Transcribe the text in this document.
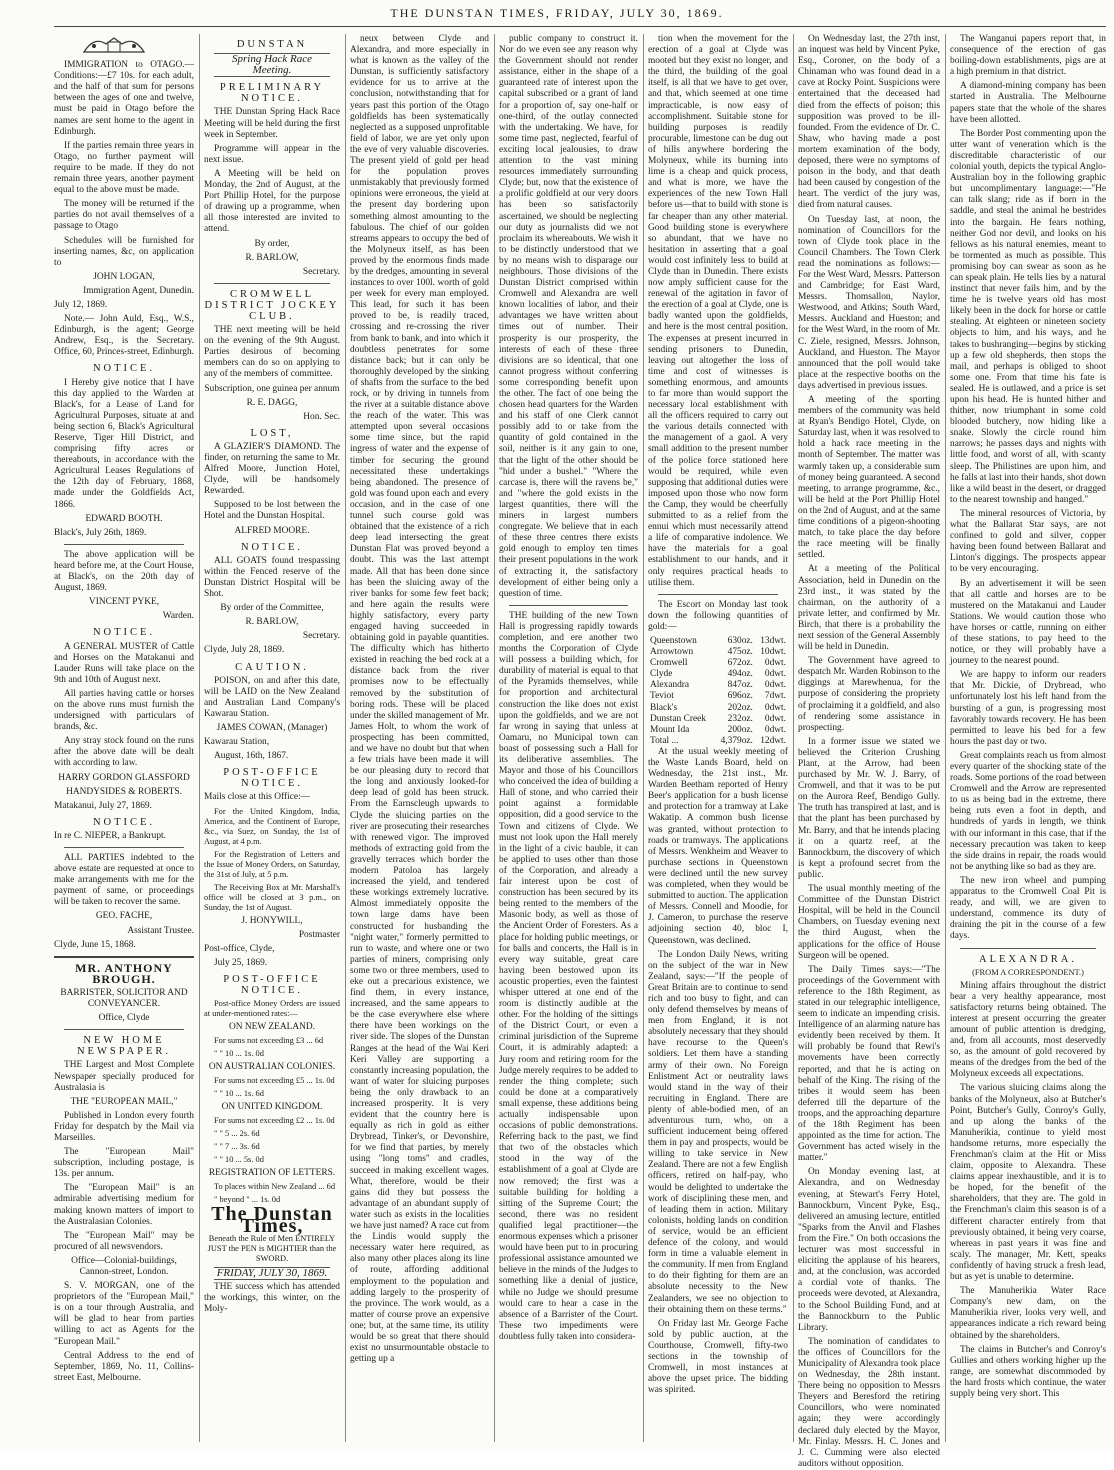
THE DUNSTAN TIMES, FRIDAY, JULY 30, 1869.

IMMIGRATION to OTAGO.—Conditions:—£7 10s. for each adult, and the half of that sum for persons between the ages of one and twelve, must be paid in Otago before the names are sent home to the agent in Edinburgh.

If the parties remain three years in Otago, no further payment will require to be made. If they do not remain three years, another payment equal to the above must be made.

The money will be returned if the parties do not avail themselves of a passage to Otago

Schedules will be furnished for inserting names, &c, on application to

JOHN LOGAN,

Immigration Agent, Dunedin.

July 12, 1869.

Note.— John Auld, Esq., W.S., Edinburgh, is the agent; George Andrew, Esq., is the Secretary. Office, 60, Princes-street, Edinburgh.

NOTICE.

I Hereby give notice that I have this day applied to the Warden at Black's, for a Lease of Land for Agricultural Purposes, situate at and being section 6, Black's Agricultural Reserve, Tiger Hill District, and comprising fifty acres or thereabouts, in accordance with the Agricultural Leases Regulations of the 12th day of February, 1868, made under the Goldfields Act, 1866.

EDWARD BOOTH.

Black's, July 26th, 1869.

The above application will be heard before me, at the Court House, at Black's, on the 20th day of August, 1869.

VINCENT PYKE,

Warden.

NOTICE.

A GENERAL MUSTER of Cattle and Horses on the Matakanui and Lauder Runs will take place on the 9th and 10th of August next.

All parties having cattle or horses on the above runs must furnish the undersigned with particulars of brands, &c.

Any stray stock found on the runs after the above date will be dealt with according to law.

HARRY GORDON GLASSFORD

HANDYSIDES & ROBERTS.

Matakanui, July 27, 1869.

NOTICE.

In re C. NIEPER, a Bankrupt.

ALL PARTIES indebted to the above estate are requested at once to make arrangements with me for the payment of same, or proceedings will be taken to recover the same.

GEO. FACHE,

Assistant Trustee.

Clyde, June 15, 1868.

MR. ANTHONY BROUGH.

BARRISTER, SOLICITOR AND CONVEYANCER.

Office, Clyde

NEW HOME NEWSPAPER.

THE Largest and Most Complete Newspaper specially produced for Australasia is

THE "EUROPEAN MAIL,"

Published in London every fourth Friday for despatch by the Mail via Marseilles.

The "European Mail" subscription, including postage, is 13s. per annum.

The "European Mail" is an admirable advertising medium for making known matters of import to the Australasian Colonies.

The "European Mail" may be procured of all newsvendors.

Office—Colonial-buildings, Cannon-street, London.

S. V. MORGAN, one of the proprietors of the "European Mail," is on a tour through Australia, and will be glad to hear from parties willing to act as Agents for the "European Mail."

Central Address to the end of September, 1869, No. 11, Collins-street East, Melbourne.

DUNSTAN
Spring Hack Race Meeting.
PRELIMINARY NOTICE.

THE Dunstan Spring Hack Race Meeting will be held during the first week in September.

Programme will appear in the next issue.

A Meeting will be held on Monday, the 2nd of August, at the Port Phillip Hotel, for the purpose of drawing up a programme, when all those interested are invited to attend.

By order,

R. BARLOW,

Secretary.

CROMWELL DISTRICT JOCKEY CLUB.

THE next meeting will be held on the evening of the 9th August. Parties desirous of becoming members can do so on applying to any of the members of committee.

Subscription, one guinea per annum

R. E. DAGG,

Hon. Sec.

LOST,

A GLAZIER'S DIAMOND. The finder, on returning the same to Mr. Alfred Moore, Junction Hotel, Clyde, will be handsomely Rewarded.

Supposed to be lost between the Hotel and the Dunstan Hospital.

ALFRED MOORE.

NOTICE.

ALL GOATS found trespassing within the Fenced reserve of the Dunstan District Hospital will be Shot.

By order of the Committee,

R. BARLOW,

Secretary.

Clyde, July 28, 1869.

CAUTION.

POISON, on and after this date, will be LAID on the New Zealand and Australian Land Company's Kawarau Station.

JAMES COWAN, (Manager)

Kawarau Station,

August, 16th, 1867.

POST-OFFICE NOTICE.

Mails close at this Office:—

For the United Kingdom, India, America, and the Continent of Europe, &c., via Suez, on Sunday, the 1st of August, at 4 p.m.

For the Registration of Letters and the Issue of Money Orders, on Saturday, the 31st of July, at 5 p.m.

The Receiving Box at Mr. Marshall's office will be closed at 3 p.m., on Sunday, the 1st of August.

J. HONYWILL,

Postmaster

Post-office, Clyde,

July 25, 1869.

POST-OFFICE NOTICE.

Post-office Money Orders are issued at under-mentioned rates:—

ON NEW ZEALAND.

For sums not exceeding £3 ... 6d

" " 10 ... 1s. 0d

ON AUSTRALIAN COLONIES.

For sums not exceeding £5 ... 1s. 0d

" " 10 ... 1s. 6d

ON UNITED KINGDOM.

For sums not exceeding £2 ... 1s. 0d

" " 5 ... 2s. 6d

" " 7 ... 3s. 6d

" " 10 ... 5s. 0d

REGISTRATION OF LETTERS.

To places within New Zealand ... 6d

" beyond " ... 1s. 0d

The Dunstan Times,

Beneath the Rule of Men ENTIRELY JUST the PEN is MIGHTIER than the SWORD.

FRIDAY, JULY 30, 1869.

THE success which has attended the workings, this winter, on the Moly-

neux between Clyde and Alexandra, and more especially in what is known as the valley of the Dunstan, is sufficiently satisfactory evidence for us to arrive at the conclusion, notwithstanding that for years past this portion of the Otago goldfields has been systematically neglected as a supposed unprofitable field of labor, we are yet only upon the eve of very valuable discoveries. The present yield of gold per head for the population proves unmistakably that previously formed opinions were erroneous, the yield at the present day bordering upon something almost amounting to the fabulous. The chief of our golden streams appears to occupy the bed of the Molyneux itself, as has been proved by the enormous finds made by the dredges, amounting in several instances to over 100l. worth of gold per week for every man employed. This lead, for such it has been proved to be, is readily traced, crossing and re-crossing the river from bank to bank, and into which it doubtless penetrates for some distance back; but it can only be thoroughly developed by the sinking of shafts from the surface to the bed rock, or by driving in tunnels from the river at a suitable distance above the reach of the water. This was attempted upon several occasions some time since, but the rapid ingress of water and the expense of timber for securing the ground necessitated these undertakings being abandoned. The presence of gold was found upon each and every occasion, and in the case of one tunnel such course gold was obtained that the existence of a rich deep lead intersecting the great Dunstan Flat was proved beyond a doubt. This was the last attempt made. All that has been done since has been the sluicing away of the river banks for some few feet back; and here again the results were highly satisfactory, every party engaged having succeeded in obtaining gold in payable quantities. The difficulty which has hitherto existed in reaching the bed rock at a distance back from the river promises now to be effectually removed by the substitution of boring rods. These will be placed under the skilled management of Mr. James Holt, to whom the work of prospecting has been committed, and we have no doubt but that when a few trials have been made it will be our pleasing duty to record that the long and anxiously looked-for deep lead of gold has been struck. From the Earnscleugh upwards to Clyde the sluicing parties on the river are prosecuting their researches with renewed vigor. The improved methods of extracting gold from the gravelly terraces which border the modern Patoloa has largely increased the yield, and tendered these workings extremely lucrative. Almost immediately opposite the town large dams have been constructed for husbanding the "night water," formerly permitted to run to waste, and where one or two parties of miners, comprising only some two or three members, used to eke out a precarious existence, we find them, in every instance, increased, and the same appears to be the case everywhere else where there have been workings on the river side. The slopes of the Dunstan Ranges at the head of the Wai Keri Keri Valley are supporting a constantly increasing population, the want of water for sluicing purposes being the only drawback to an increased prosperity. It is very evident that the country here is equally as rich in gold as either Drybread, Tinker's, or Devonshire, for we find that parties, by merely using "long toms" and cradles, succeed in making excellent wages. What, therefore, would be their gains did they but possess the advantage of an abundant supply of water such as exists in the localities we have just named? A race cut from the Lindis would supply the necessary water here required, as also many other places along its line of route, affording additional employment to the population and adding largely to the prosperity of the province. The work would, as a matter of course prove an expensive one; but, at the same time, its utility would be so great that there should exist no unsurmountable obstacle to getting up a

public company to construct it. Nor do we even see any reason why the Government should not render assistance, either in the shape of a guaranteed rate of interest upon the capital subscribed or a grant of land for a proportion of, say one-half or one-third, of the outlay connected with the undertaking. We have, for some time past, neglected, fearful of exciting local jealousies, to draw attention to the vast mining resources immediately surrounding Clyde; but, now that the existence of a prolific goldfield at our very doors has been so satisfactorily ascertained, we should be neglecting our duty as journalists did we not proclaim its whereabouts. We wish it to be distinctly understood that we by no means wish to disparage our neighbours. Those divisions of the Dunstan District comprised within Cromwell and Alexandra are well known localities of labor, and their advantages we have written about times out of number. Their prosperity is our prosperity, the interests of each of these three divisions are so identical, that one cannot progress without conferring some corresponding benefit upon the other. The fact of one being the chosen head quarters for the Warden and his staff of one Clerk cannot possibly add to or take from the quantity of gold contained in the soil, neither is it any gain to one, that the light of the other should be "hid under a bushel." "Where the carcase is, there will the ravens be," and "where the gold exists in the largest quantities, there will the miners in largest numbers congregate. We believe that in each of these three centres there exists gold enough to employ ten times their present populations in the work of extracting it, the satisfactory development of either being only a question of time.

THE building of the new Town Hall is progressing rapidly towards completion, and ere another two months the Corporation of Clyde will possess a building which, for durability of material is equal to that of the Pyramids themselves, while for proportion and architectural construction the like does not exist upon the goldfields, and we are not far wrong in saying that unless at Oamaru, no Municipal town can boast of possessing such a Hall for its deliberative assemblies. The Mayor and those of his Councillors who conceived the idea of building a Hall of stone, and who carried their point against a formidable opposition, did a good service to the Town and citizens of Clyde. We must not look upon the Hall merely in the light of a civic bauble, it can be applied to uses other than those of the Corporation, and already a fair interest upon be cost of construction has been secured by its being rented to the members of the Masonic body, as well as those of the Ancient Order of Foresters. As a place for holding public meetings, or for balls and concerts, the Hall is in every way suitable, great care having been bestowed upon its acoustic properties, even the faintest whisper uttered at one end of the room is distinctly audible at the other. For the holding of the sittings of the District Court, or even a criminal jurisdiction of the Supreme Court, it is admirably adapted: a Jury room and retiring room for the Judge merely requires to be added to render the thing complete; such could be done at a comparatively small expense, these additions being actually indispensable upon occasions of public demonstrations. Referring back to the past, we find that two of the obstacles which stood in the way of the establishment of a goal at Clyde are now removed; the first was a suitable building for holding a sitting of the Supreme Court; the second, there was no resident qualified legal practitioner—the enormous expenses which a prisoner would have been put to in procuring professional assistance amounted we believe in the minds of the Judges to something like a denial of justice, while no Judge we should presume would care to hear a case in the absence of a Barrister of the Court. These two impediments were doubtless fully taken into considera-

tion when the movement for the erection of a goal at Clyde was mooted but they exist no longer, and the third, the building of the goal itself, is all that we have to get over, and that, which seemed at one time impracticable, is now easy of accomplishment. Suitable stone for building purposes is readily procurable, limestone can be dug out of hills anywhere bordering the Molyneux, while its burning into lime is a cheap and quick process, and what is more, we have the experiences of the new Town Hall before us—that to build with stone is far cheaper than any other material. Good building stone is everywhere so abundant, that we have no hesitation in asserting that a goal would cost infinitely less to build at Clyde than in Dunedin. There exists now amply sufficient cause for the renewal of the agitation in favor of the erection of a goal at Clyde, one is badly wanted upon the goldfields, and here is the most central position. The expenses at present incurred in sending prisoners to Dunedin, leaving out altogether the loss of time and cost of witnesses is something enormous, and amounts to far more than would support the necessary local establishment with all the officers required to carry out the various details connected with the management of a gaol. A very small addition to the present number of the police force stationed here would be required, while even supposing that additional duties were imposed upon those who now form the Camp, they would be cheerfully submitted to as a relief from the ennui which must necessarily attend a life of comparative indolence. We have the materials for a goal establishment to our hands, and it only requires practical heads to utilise them.

The Escort on Monday last took down the following quantities of gold:—

Queenstown	630oz.	13dwt.
Arrowtown	475oz.	10dwt.
Cromwell	672oz.	0dwt.
Clyde	494oz.	0dwt.
Alexandra	847oz.	0dwt.
Teviot	696oz.	7dwt.
Black's	202oz.	0dwt.
Dunstan Creek	232oz.	0dwt.
Mount Ida	200oz.	0dwt.
Total ...	4,379oz.	12dwt.

At the usual weekly meeting of the Waste Lands Board, held on Wednesday, the 21st inst., Mr. Warden Beetham reported of Henry Beer's application for a bush license and protection for a tramway at Lake Wakatip. A common bush license was granted, without protection to roads or tramways. The applications of Messrs. Wenkheim and Weaver to purchase sections in Queenstown were declined until the new survey was completed, when they would be submitted to auction. The application of Messrs. Connell and Moodie, for J. Cameron, to purchase the reserve adjoining section 40, bloc I, Queenstown, was declined.

The London Daily News, writing on the subject of the war in New Zealand, says:—"If the people of Great Britain are to continue to send rich and too busy to fight, and can only defend themselves by means of men from England, it is not absolutely necessary that they should have recourse to the Queen's soldiers. Let them have a standing army of their own. No Foreign Enlistment Act or neutrality laws would stand in the way of their recruiting in England. There are plenty of able-bodied men, of an adventurous turn, who, on a sufficient inducement being offered them in pay and prospects, would be willing to take service in New Zealand. There are not a few English officers, retired on half-pay, who would be delighted to undertake the work of disciplining these men, and of leading them in action. Military colonists, holding lands on condition of service, would be an efficient defence of the colony, and would form in time a valuable element in the community. If men from England to do their fighting for them are an absolute necessity to the New Zealanders, we see no objection to their obtaining them on these terms."

On Friday last Mr. George Fache sold by public auction, at the Courthouse, Cromwell, fifty-two sections in the township of Cromwell, in most instances at above the upset price. The bidding was spirited.

On Wednesday last, the 27th inst, an inquest was held by Vincent Pyke, Esq., Coroner, on the body of a Chinaman who was found dead in a cave at Rocky Point. Suspicions were entertained that the deceased had died from the effects of poison; this supposition was proved to be ill-founded. From the evidence of Dr. C. Shaw, who having made a post mortem examination of the body, deposed, there were no symptoms of poison in the body, and that death had been caused by congestion of the heart. The verdict of the jury was, died from natural causes.

On Tuesday last, at noon, the nomination of Councillors for the town of Clyde took place in the Council Chambers. The Town Clerk read the nominations as follows:—For the West Ward, Messrs. Patterson and Cambridge; for East Ward, Messrs. Thomsallon, Naylor, Westwood, and Atkins; South Ward, Messrs. Auckland and Hueston; and for the West Ward, in the room of Mr. C. Ziele, resigned, Messrs. Johnson, Auckland, and Hueston. The Mayor announced that the poll would take place at the respective booths on the days advertised in previous issues.

A meeting of the sporting members of the community was held at Ryan's Bendigo Hotel, Clyde, on Saturday last, when it was resolved to hold a hack race meeting in the month of September. The matter was warmly taken up, a considerable sum of money being guaranteed. A second meeting, to arrange programme, &c., will be held at the Port Phillip Hotel on the 2nd of August, and at the same time conditions of a pigeon-shooting match, to take place the day before the race meeting will be finally settled.

At a meeting of the Political Association, held in Dunedin on the 23rd inst., it was stated by the chairman, on the authority of a private letter, and confirmed by Mr. Birch, that there is a probability the next session of the General Assembly will be held in Dunedin.

The Government have agreed to despatch Mr. Warden Robinson to the diggings at Marewhenua, for the purpose of considering the propriety of proclaiming it a goldfield, and also of rendering some assistance in prospecting.

In a former issue we stated we believed the Criterion Crushing Plant, at the Arrow, had been purchased by Mr. W. J. Barry, of Cromwell, and that it was to be put on the Aurora Reef, Bendigo Gully. The truth has transpired at last, and is that the plant has been purchased by Mr. Barry, and that he intends placing it on a quartz reef, at the Bannockburn, the discovery of which is kept a profound secret from the public.

The usual monthly meeting of the Committee of the Dunstan District Hospital, will be held in the Council Chambers, on Tuesday evening next the third August, when the applications for the office of House Surgeon will be opened.

The Daily Times says:—"The proceedings of the Government with reference to the 18th Regiment, as stated in our telegraphic intelligence, seem to indicate an impending crisis. Intelligence of an alarming nature has evidently been received by them. It will probably be found that Rewi's movements have been correctly reported, and that he is acting on behalf of the King. The rising of the tribes it would seem has been deferred till the departure of the troops, and the approaching departure of the 18th Regiment has been appointed as the time for action. The Government has acted wisely in the matter."

On Monday evening last, at Alexandra, and on Wednesday evening, at Stewart's Ferry Hotel, Bannockburn, Vincent Pyke, Esq., delivered an amusing lecture, entitled "Sparks from the Anvil and Flashes from the Fire." On both occasions the lecturer was most successful in eliciting the applause of his hearers, and, at the conclusion, was accorded a cordial vote of thanks. The proceeds were devoted, at Alexandra, to the School Building Fund, and at the Bannockburn to the Public Library.

The nomination of candidates to the offices of Councillors for the Municipality of Alexandra took place on Wednesday, the 28th instant. There being no opposition to Messrs Theyers and Beresford the retiring Councillors, who were nominated again; they were accordingly declared duly elected by the Mayor, Mr. Finlay. Messrs. H. C. Jones and J. C. Cumming were also elected auditors without opposition.

The Wanganui papers report that, in consequence of the erection of gas boiling-down establishments, pigs are at a high premium in that district.

A diamond-mining company has been started in Australia. The Melbourne papers state that the whole of the shares have been allotted.

The Border Post commenting upon the utter want of veneration which is the discreditable characteristic of our colonial youth, depicts the typical Anglo-Australian boy in the following graphic but uncomplimentary language:—"He can talk slang; ride as if born in the saddle, and steal the animal he bestrides into the bargain. He fears nothing, neither God nor devil, and looks on his fellows as his natural enemies, meant to be tormented as much as possible. This promising boy can swear as soon as he can speak plain. He tells lies by a natural instinct that never fails him, and by the time he is twelve years old has most likely been in the dock for horse or cattle stealing. At eighteen or nineteen society objects to him, and his ways, and he takes to bushranging—begins by sticking up a few old shepherds, then stops the mail, and perhaps is obliged to shoot some one. From that time his fate is sealed. He is outlawed, and a price is set upon his head. He is hunted hither and thither, now triumphant in some cold blooded butchery, now hiding like a snake. Slowly the circle round him narrows; he passes days and nights with little food, and worst of all, with scanty sleep. The Philistines are upon him, and he falls at last into their hands, shot down like a wild beast in the desert, or dragged to the nearest township and hanged."

The mineral resources of Victoria, by what the Ballarat Star says, are not confined to gold and silver, copper having been found between Ballarat and Linton's diggings. The prospects appear to be very encouraging.

By an advertisement it will be seen that all cattle and horses are to be mustered on the Matakanui and Lauder Stations. We would caution those who have horses or cattle, running on either of these stations, to pay heed to the notice, or they will probably have a journey to the nearest pound.

We are happy to inform our readers that Mr. Dickie, of Drybread, who unfortunately lost his left hand from the bursting of a gun, is progressing most favorably towards recovery. He has been permitted to leave his bed for a few hours the past day or two.

Great complaints reach us from almost every quarter of the shocking state of the roads. Some portions of the road between Cromwell and the Arrow are represented to us as being bad in the extreme, there being ruts even a foot in depth, and hundreds of yards in length, we think with our informant in this case, that if the necessary precaution was taken to keep the side drains in repair, the roads would not be anything like so bad as they are.

The new iron wheel and pumping apparatus to the Cromwell Coal Pit is ready, and will, we are given to understand, commence its duty of draining the pit in the course of a few days.

ALEXANDRA.

(FROM A CORRESPONDENT.)

Mining affairs throughout the district bear a very healthy appearance, most satisfactory returns being obtained. The interest at present occurring the greater amount of public attention is dredging, and, from all accounts, most deservedly so, as the amount of gold recovered by means of the dredges from the bed of the Molyneux exceeds all expectations.

The various sluicing claims along the banks of the Molyneux, also at Butcher's Point, Butcher's Gully, Conroy's Gully, and up along the banks of the Manuherikia, continue to yield most handsome returns, more especially the Frenchman's claim at the Hit or Miss claim, opposite to Alexandra. These claims appear inexhaustible, and it is to be hoped, for the benefit of the shareholders, that they are. The gold in the Frenchman's claim this season is of a different character entirely from that previously obtained, it being very coarse, whereas in past years it was fine and scaly. The manager, Mr. Kett, speaks confidently of having struck a fresh lead, but as yet is unable to determine.

The Manuherikia Water Race Company's new dam, on the Manuherikia river, looks very well, and appearances indicate a rich reward being obtained by the shareholders.

The claims in Butcher's and Conroy's Gullies and others working higher up the range, are somewhat discommoded by the hard frosts which continue, the water supply being very short. This
